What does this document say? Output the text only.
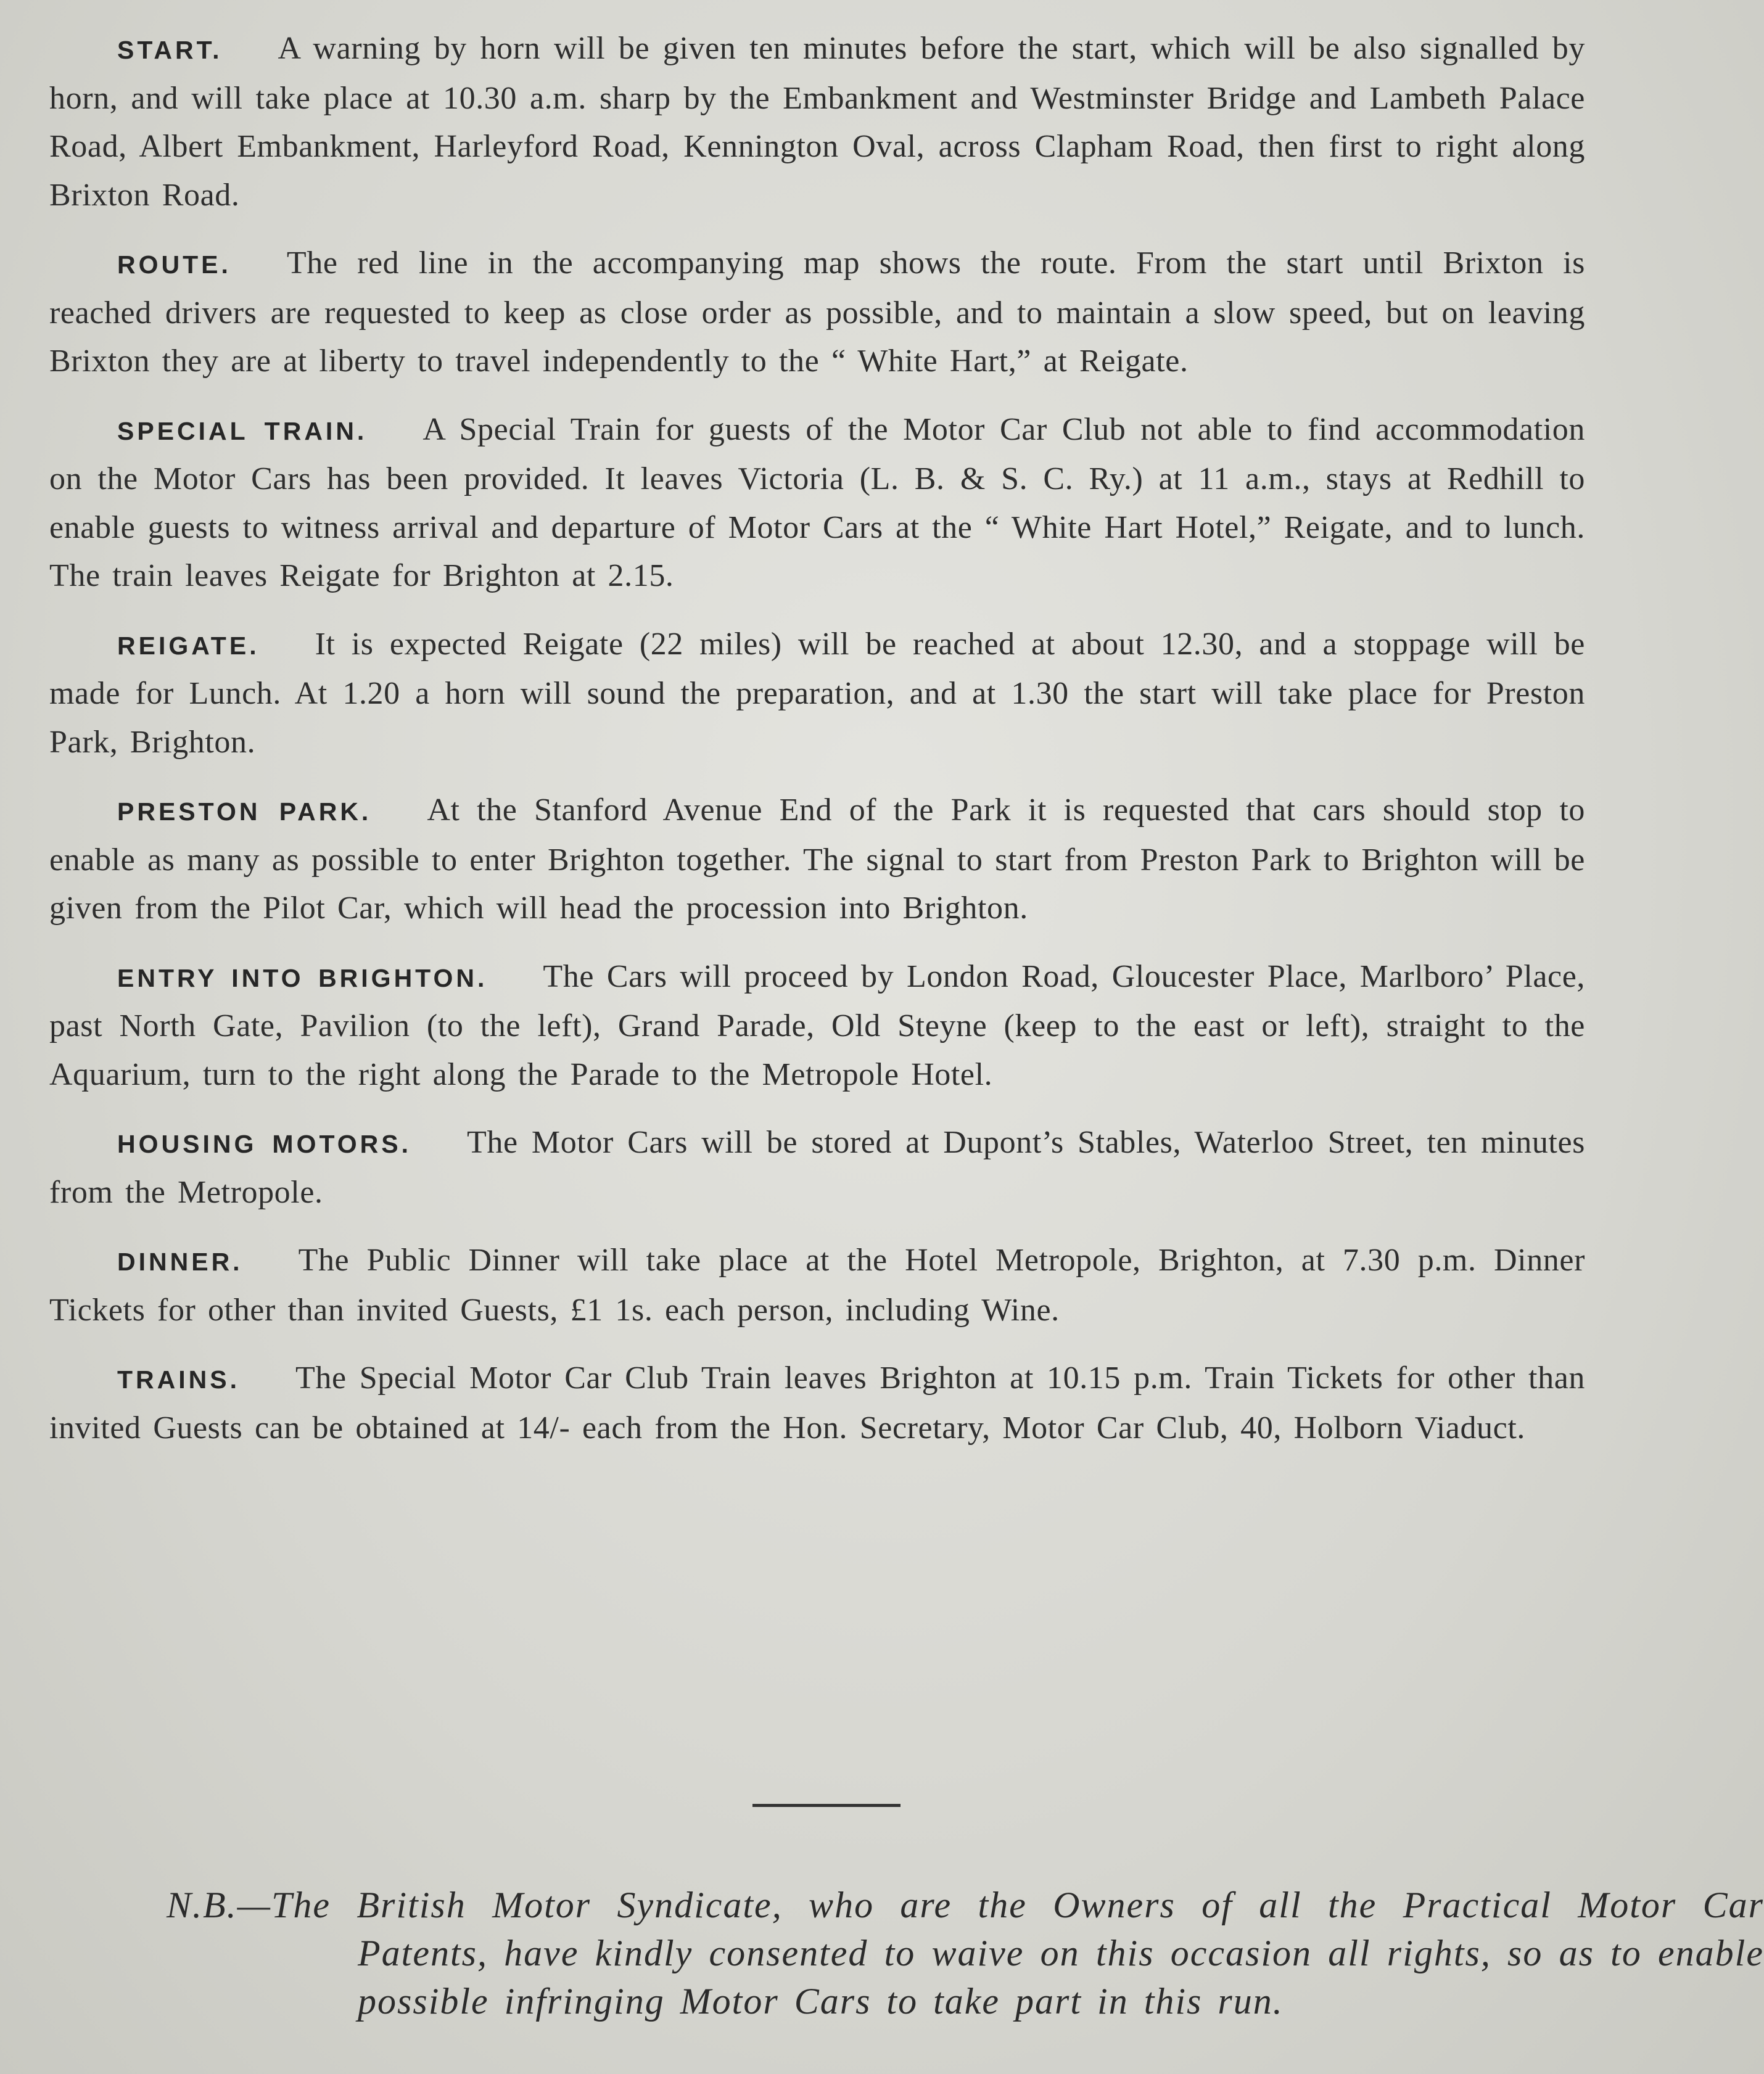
START. A warning by horn will be given ten minutes before the start, which will be also signalled by horn, and will take place at 10.30 a.m. sharp by the Embankment and Westminster Bridge and Lambeth Palace Road, Albert Embankment, Harleyford Road, Kennington Oval, across Clapham Road, then first to right along Brixton Road.

ROUTE. The red line in the accompanying map shows the route. From the start until Brixton is reached drivers are requested to keep as close order as possible, and to maintain a slow speed, but on leaving Brixton they are at liberty to travel independently to the “ White Hart,” at Reigate.

SPECIAL TRAIN. A Special Train for guests of the Motor Car Club not able to find accommodation on the Motor Cars has been provided. It leaves Victoria (L. B. & S. C. Ry.) at 11 a.m., stays at Redhill to enable guests to witness arrival and departure of Motor Cars at the “ White Hart Hotel,” Reigate, and to lunch. The train leaves Reigate for Brighton at 2.15.

REIGATE. It is expected Reigate (22 miles) will be reached at about 12.30, and a stoppage will be made for Lunch. At 1.20 a horn will sound the preparation, and at 1.30 the start will take place for Preston Park, Brighton.

PRESTON PARK. At the Stanford Avenue End of the Park it is requested that cars should stop to enable as many as possible to enter Brighton together. The signal to start from Preston Park to Brighton will be given from the Pilot Car, which will head the procession into Brighton.

ENTRY INTO BRIGHTON. The Cars will proceed by London Road, Gloucester Place, Marlboro’ Place, past North Gate, Pavilion (to the left), Grand Parade, Old Steyne (keep to the east or left), straight to the Aquarium, turn to the right along the Parade to the Metropole Hotel.

HOUSING MOTORS. The Motor Cars will be stored at Dupont’s Stables, Waterloo Street, ten minutes from the Metropole.

DINNER. The Public Dinner will take place at the Hotel Metropole, Brighton, at 7.30 p.m. Dinner Tickets for other than invited Guests, £1 1s. each person, including Wine.

TRAINS. The Special Motor Car Club Train leaves Brighton at 10.15 p.m. Train Tickets for other than invited Guests can be obtained at 14/- each from the Hon. Secretary, Motor Car Club, 40, Holborn Viaduct.

N.B.—The British Motor Syndicate, who are the Owners of all the Practical Motor Car Patents, have kindly consented to waive on this occasion all rights, so as to enable possible infringing Motor Cars to take part in this run.
